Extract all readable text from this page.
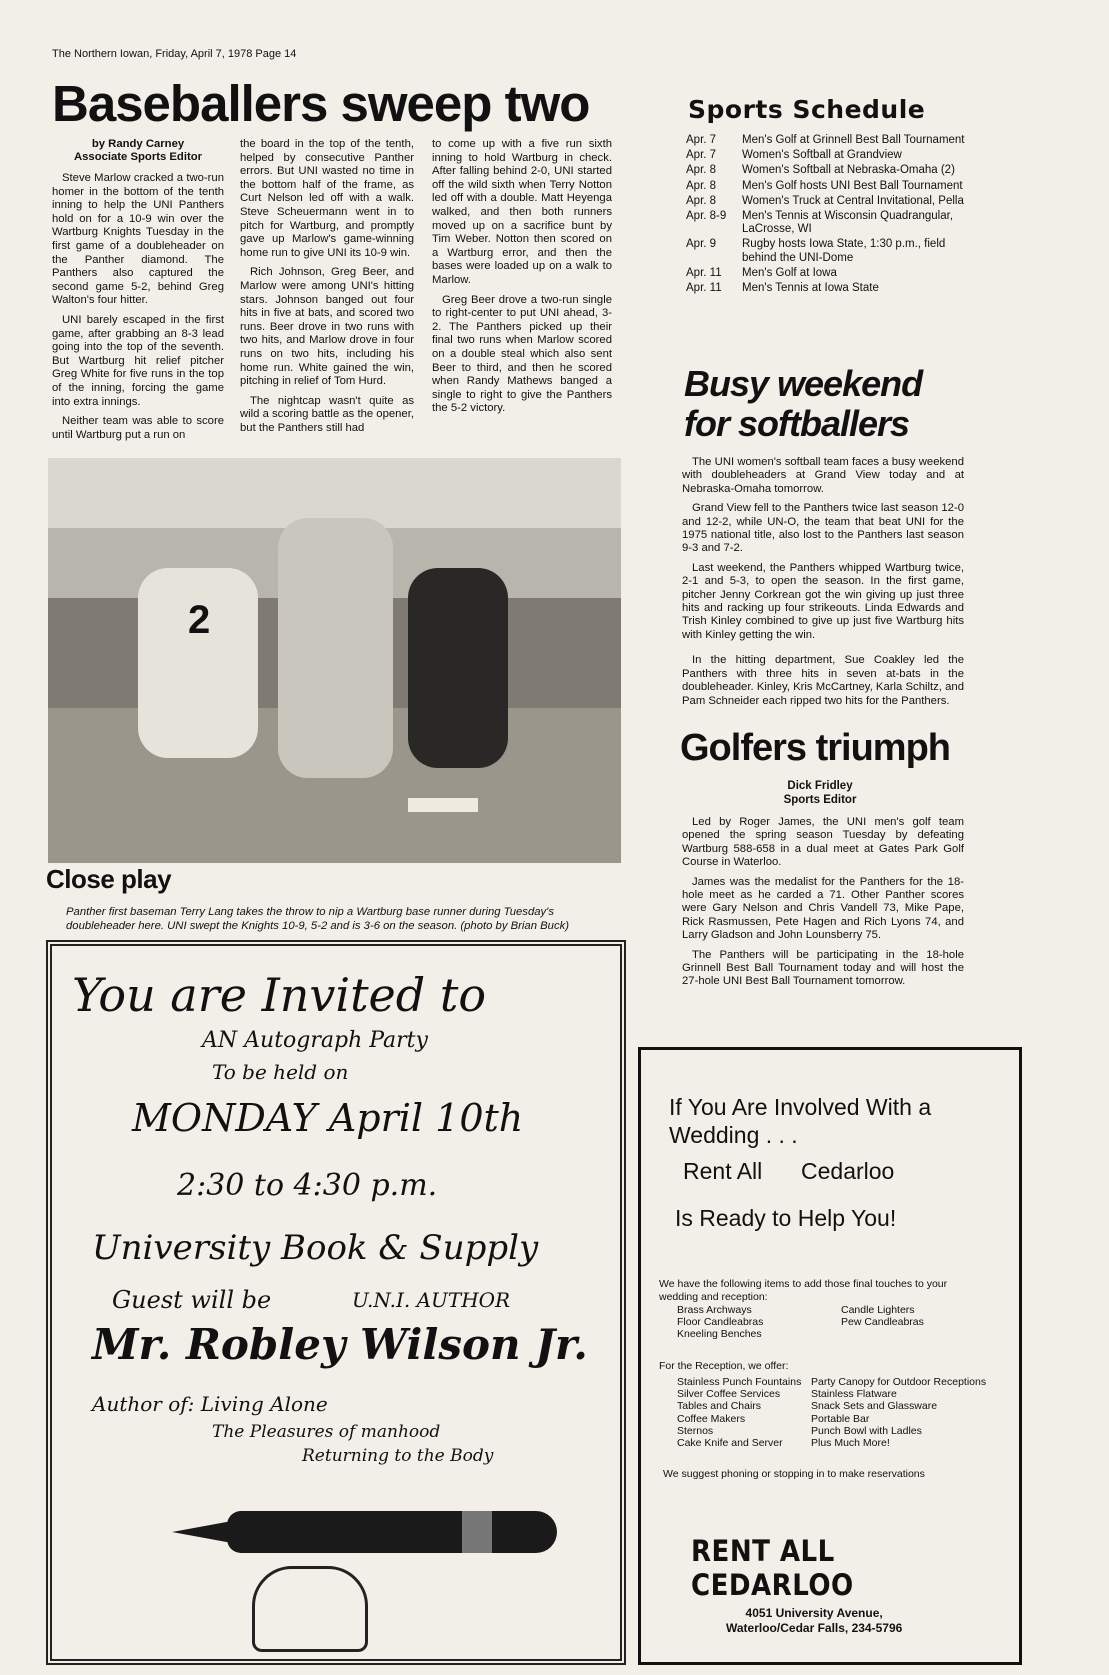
The Northern Iowan, Friday, April 7, 1978 Page 14
Baseballers sweep two
by Randy Carney
Associate Sports Editor

Steve Marlow cracked a two-run homer in the bottom of the tenth inning to help the UNI Panthers hold on for a 10-9 win over the Wartburg Knights Tuesday in the first game of a doubleheader on the Panther diamond. The Panthers also captured the second game 5-2, behind Greg Walton's four hitter.

UNI barely escaped in the first game, after grabbing an 8-3 lead going into the top of the seventh. But Wartburg hit relief pitcher Greg White for five runs in the top of the inning, forcing the game into extra innings.

Neither team was able to score until Wartburg put a run on

the board in the top of the tenth, helped by consecutive Panther errors. But UNI wasted no time in the bottom half of the frame, as Curt Nelson led off with a walk. Steve Scheuermann went in to pitch for Wartburg, and promptly gave up Marlow's game-winning home run to give UNI its 10-9 win.

Rich Johnson, Greg Beer, and Marlow were among UNI's hitting stars. Johnson banged out four hits in five at bats, and scored two runs. Beer drove in two runs with two hits, and Marlow drove in four runs on two hits, including his home run. White gained the win, pitching in relief of Tom Hurd.

The nightcap wasn't quite as wild a scoring battle as the opener, but the Panthers still had

to come up with a five run sixth inning to hold Wartburg in check. After falling behind 2-0, UNI started off the wild sixth when Terry Notton led off with a double. Matt Heyenga walked, and then both runners moved up on a sacrifice bunt by Tim Weber. Notton then scored on a Wartburg error, and then the bases were loaded up on a walk to Marlow.

Greg Beer drove a two-run single to right-center to put UNI ahead, 3-2. The Panthers picked up their final two runs when Marlow scored on a double steal which also sent Beer to third, and then he scored when Randy Mathews banged a single to right to give the Panthers the 5-2 victory.

2
Close play
Panther first baseman Terry Lang takes the throw to nip a Wartburg base runner during Tuesday's doubleheader here. UNI swept the Knights 10-9, 5-2 and is 3-6 on the season. (photo by Brian Buck)
Sports Schedule
Apr. 7	Men's Golf at Grinnell Best Ball Tournament
Apr. 7	Women's Softball at Grandview
Apr. 8	Women's Softball at Nebraska-Omaha (2)
Apr. 8	Men's Golf hosts UNI Best Ball Tournament
Apr. 8	Women's Truck at Central Invitational, Pella
Apr. 8-9	Men's Tennis at Wisconsin Quadrangular, LaCrosse, WI
Apr. 9	Rugby hosts Iowa State, 1:30 p.m., field behind the UNI-Dome
Apr. 11	Men's Golf at Iowa
Apr. 11	Men's Tennis at Iowa State
Busy weekend
for softballers

The UNI women's softball team faces a busy weekend with doubleheaders at Grand View today and at Nebraska-Omaha tomorrow.

Grand View fell to the Panthers twice last season 12-0 and 12-2, while UN-O, the team that beat UNI for the 1975 national title, also lost to the Panthers last season 9-3 and 7-2.

Last weekend, the Panthers whipped Wartburg twice, 2-1 and 5-3, to open the season. In the first game, pitcher Jenny Corkrean got the win giving up just three hits and racking up four strikeouts. Linda Edwards and Trish Kinley combined to give up just five Wartburg hits with Kinley getting the win.

In the hitting department, Sue Coakley led the Panthers with three hits in seven at-bats in the doubleheader. Kinley, Kris McCartney, Karla Schiltz, and Pam Schneider each ripped two hits for the Panthers.

Golfers triumph
Dick Fridley
Sports Editor

Led by Roger James, the UNI men's golf team opened the spring season Tuesday by defeating Wartburg 588-658 in a dual meet at Gates Park Golf Course in Waterloo.

James was the medalist for the Panthers for the 18-hole meet as he carded a 71. Other Panther scores were Gary Nelson and Chris Vandell 73, Mike Pape, Rick Rasmussen, Pete Hagen and Rich Lyons 74, and Larry Gladson and John Lounsberry 75.

The Panthers will be participating in the 18-hole Grinnell Best Ball Tournament today and will host the 27-hole UNI Best Ball Tournament tomorrow.

You are Invited to
AN Autograph Party
To be held on
MONDAY April 10th
2:30 to 4:30 p.m.
University Book & Supply
Guest will be	U.N.I. AUTHOR
Mr. Robley Wilson Jr.
Author of: Living Alone
The Pleasures of manhood
Returning to the Body
If You Are Involved With a
Wedding . . .
Rent All Cedarloo
Is Ready to Help You!
We have the following items to add those final touches to your wedding and reception:
Brass Archways
Floor Candleabras
Kneeling Benches
Candle Lighters
Pew Candleabras
For the Reception, we offer:
Stainless Punch Fountains
Silver Coffee Services
Tables and Chairs
Coffee Makers
Sternos
Cake Knife and Server
Party Canopy for Outdoor Receptions
Stainless Flatware
Snack Sets and Glassware
Portable Bar
Punch Bowl with Ladles
Plus Much More!
We suggest phoning or stopping in to make reservations
RENT ALL CEDARLOO
4051 University Avenue,
Waterloo/Cedar Falls, 234-5796
